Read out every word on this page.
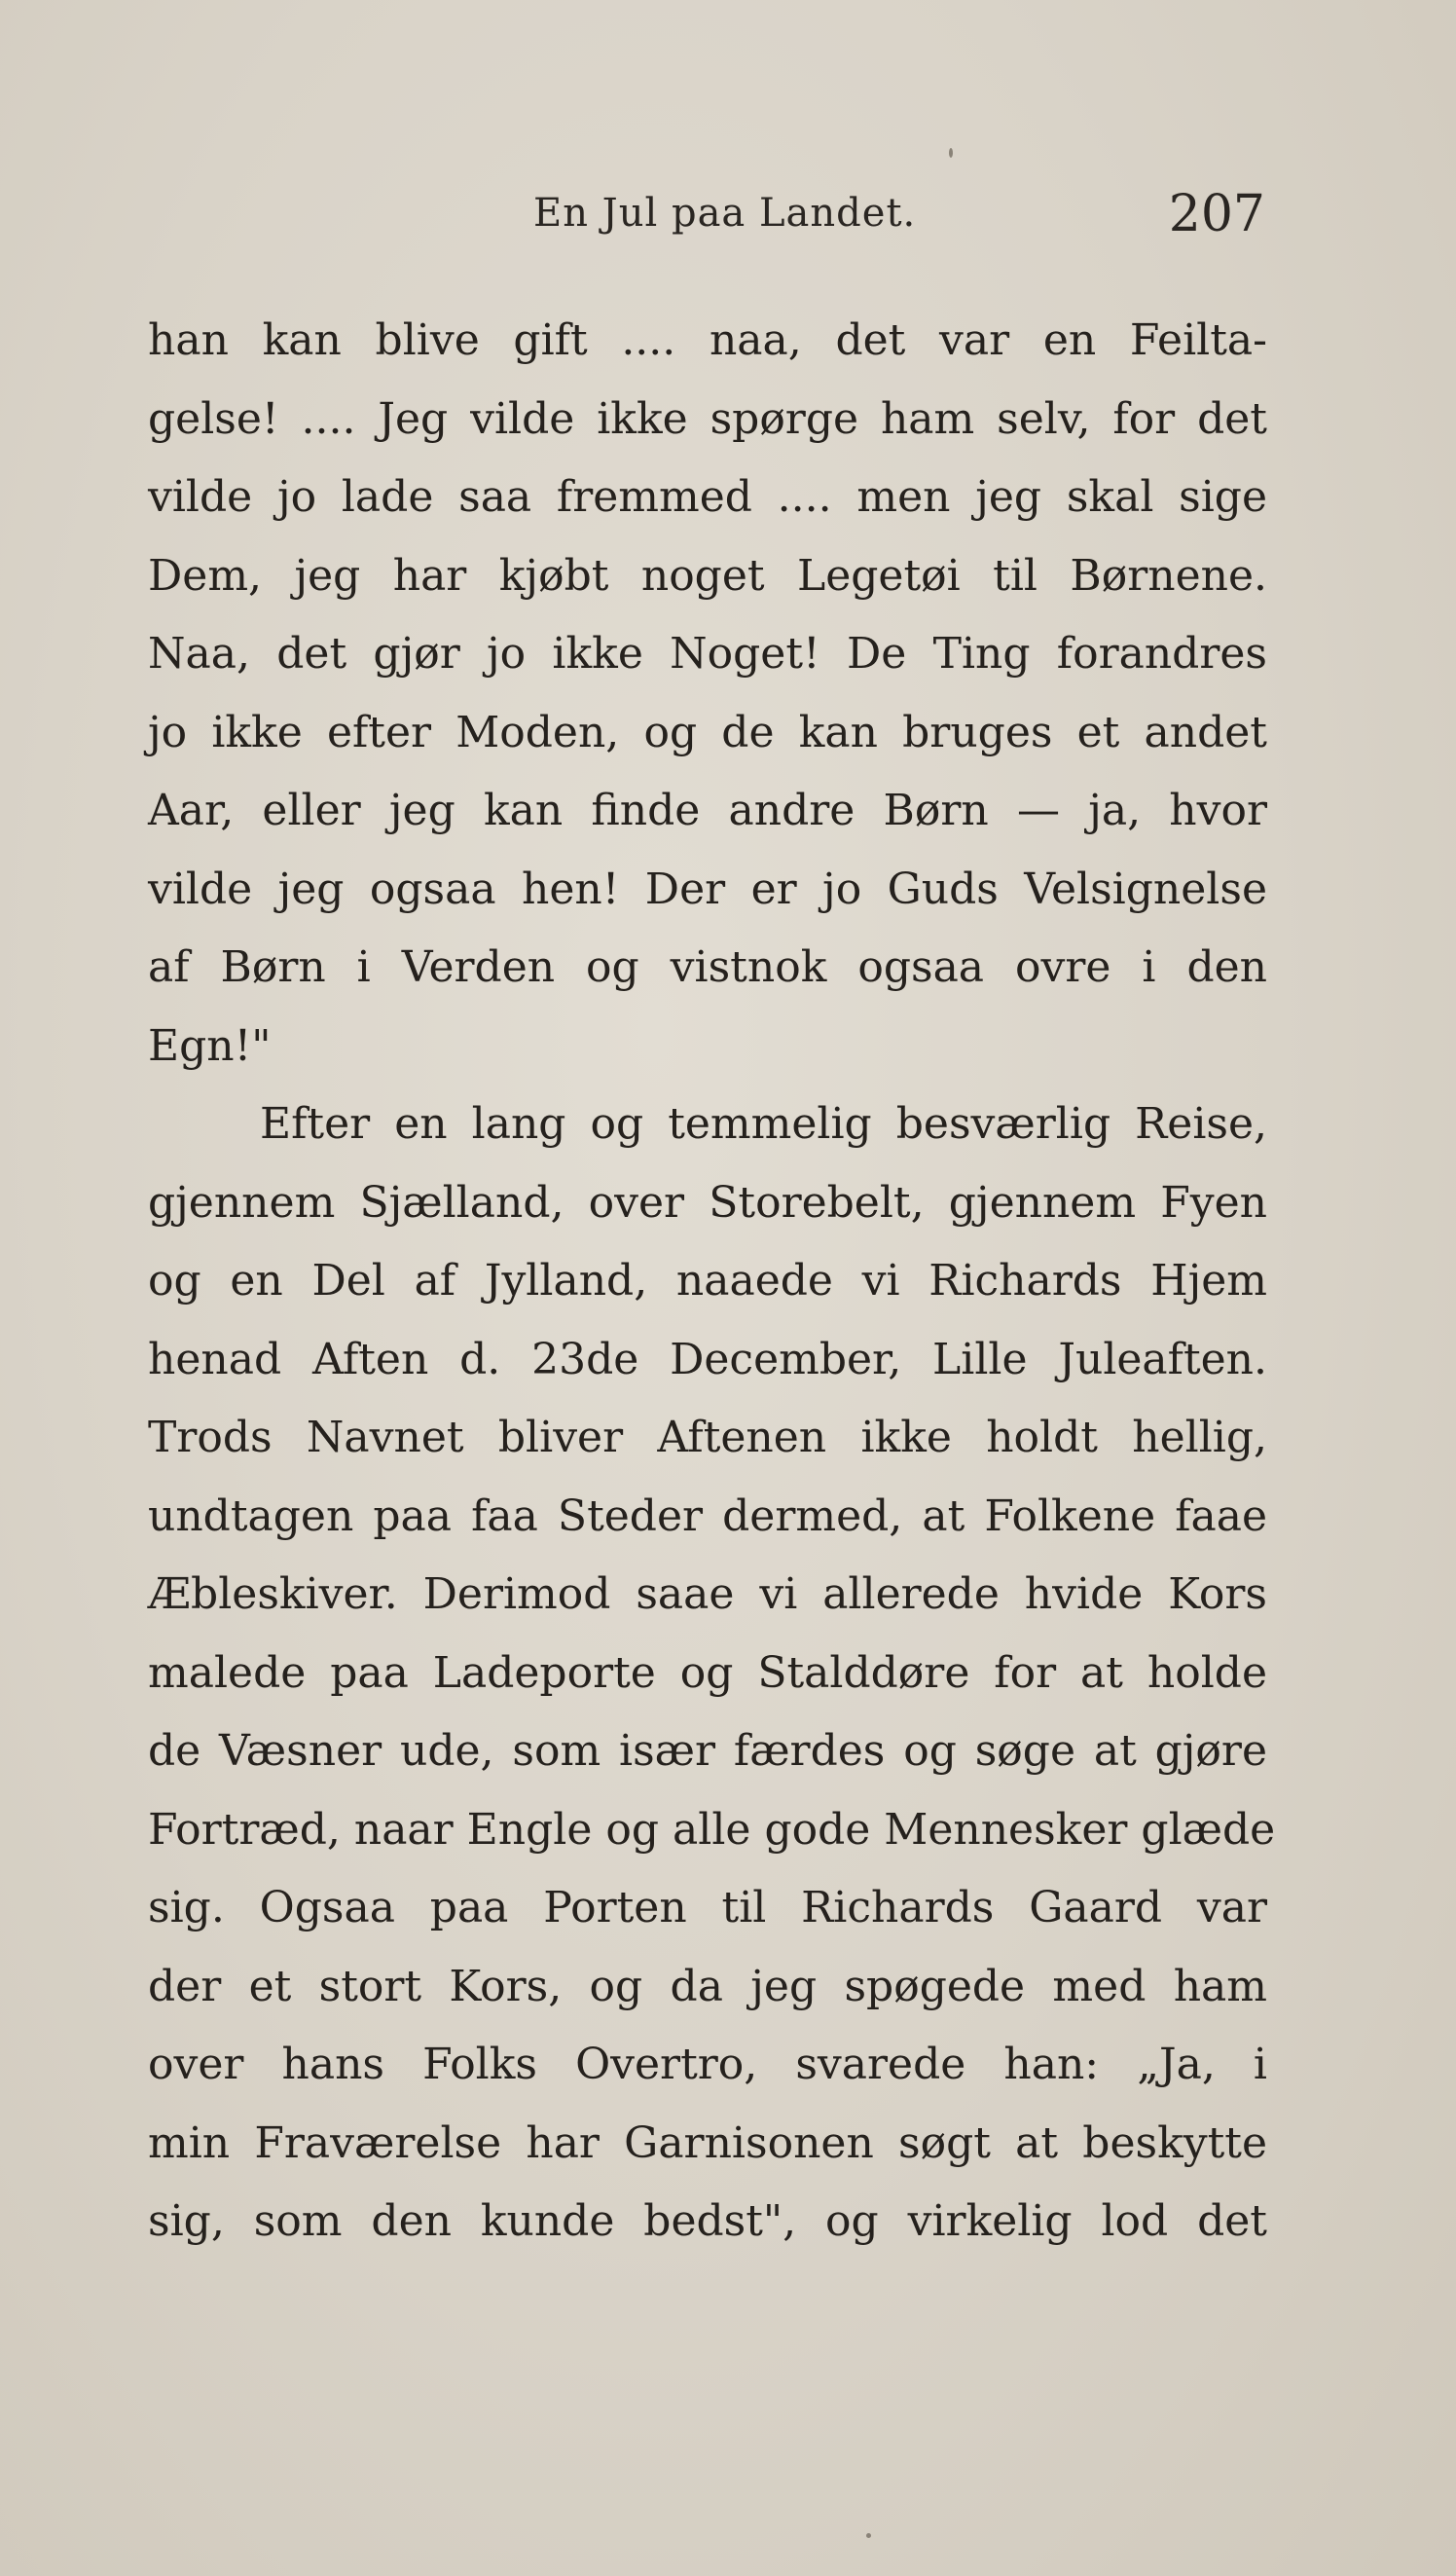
En Jul paa Landet.	207
han kan blive gift .... naa, det var en Feilta-
gelse! .... Jeg vilde ikke spørge ham selv, for det
vilde jo lade saa fremmed .... men jeg skal sige
Dem, jeg har kjøbt noget Legetøi til Børnene.
Naa, det gjør jo ikke Noget! De Ting forandres
jo ikke efter Moden, og de kan bruges et andet
Aar, eller jeg kan finde andre Børn — ja, hvor
vilde jeg ogsaa hen! Der er jo Guds Velsignelse
af Børn i Verden og vistnok ogsaa ovre i den
Egn!"
Efter en lang og temmelig besværlig Reise,
gjennem Sjælland, over Storebelt, gjennem Fyen
og en Del af Jylland, naaede vi Richards Hjem
henad Aften d. 23de December, Lille Juleaften.
Trods Navnet bliver Aftenen ikke holdt hellig,
undtagen paa faa Steder dermed, at Folkene faae
Æbleskiver. Derimod saae vi allerede hvide Kors
malede paa Ladeporte og Stalddøre for at holde
de Væsner ude, som især færdes og søge at gjøre
Fortræd, naar Engle og alle gode Mennesker glæde
sig. Ogsaa paa Porten til Richards Gaard var
der et stort Kors, og da jeg spøgede med ham
over hans Folks Overtro, svarede han: „Ja, i
min Fraværelse har Garnisonen søgt at beskytte
sig, som den kunde bedst", og virkelig lod det
